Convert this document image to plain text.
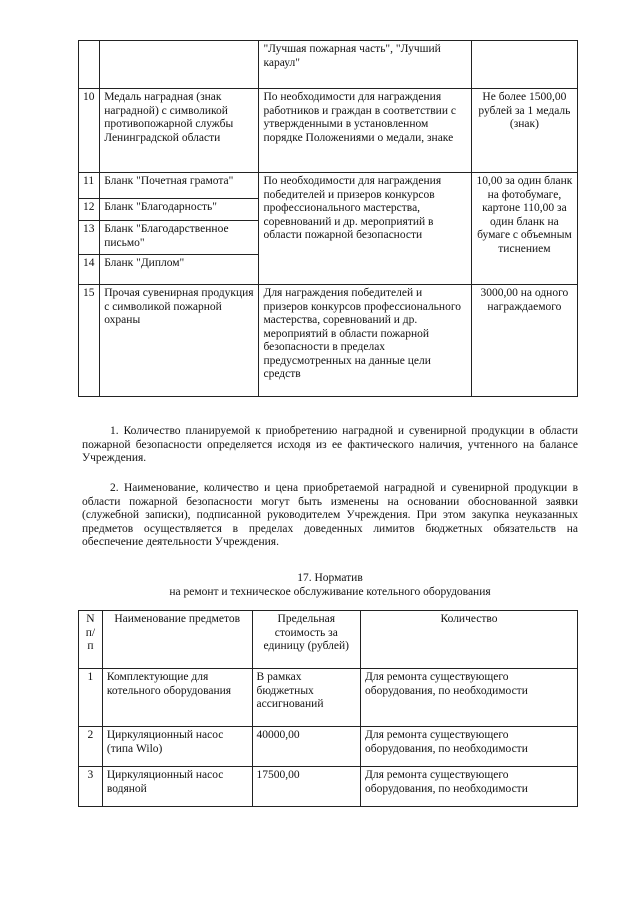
		"Лучшая пожарная часть", "Лучший караул"	
10	Медаль наградная (знак наградной) с символикой противопожарной службы Ленинградской области	По необходимости для награждения работников и граждан в соответствии с утвержденными в установленном порядке Положениями о медали, знаке	Не более 1500,00 рублей за 1 медаль (знак)
11	Бланк "Почетная грамота"	По необходимости для награждения победителей и призеров конкурсов профессионального мастерства, соревнований и др. мероприятий в области пожарной безопасности	10,00 за один бланк на фотобумаге, картоне 110,00 за один бланк на бумаге с объемным тиснением
12	Бланк "Благодарность"		
13	Бланк "Благодарственное письмо"		
14	Бланк "Диплом"		
15	Прочая сувенирная продукция с символикой пожарной охраны	Для награждения победителей и призеров конкурсов профессионального мастерства, соревнований и др. мероприятий в области пожарной безопасности в пределах предусмотренных на данные цели средств	3000,00 на одного награждаемого

1. Количество планируемой к приобретению наградной и сувенирной продукции в области пожарной безопасности определяется исходя из ее фактического наличия, учтенного на балансе Учреждения.

2. Наименование, количество и цена приобретаемой наградной и сувенирной продукции в области пожарной безопасности могут быть изменены на основании обоснованной заявки (служебной записки), подписанной руководителем Учреждения. При этом закупка неуказанных предметов осуществляется в пределах доведенных лимитов бюджетных обязательств на обеспечение деятельности Учреждения.

17. Норматив
на ремонт и техническое обслуживание котельного оборудования
N п/п	Наименование предметов	Предельная стоимость за единицу (рублей)	Количество
1	Комплектующие для котельного оборудования	В рамках бюджетных ассигнований	Для ремонта существующего оборудования, по необходимости
2	Циркуляционный насос (типа Wilo)	40000,00	Для ремонта существующего оборудования, по необходимости
3	Циркуляционный насос водяной	17500,00	Для ремонта существующего оборудования, по необходимости
